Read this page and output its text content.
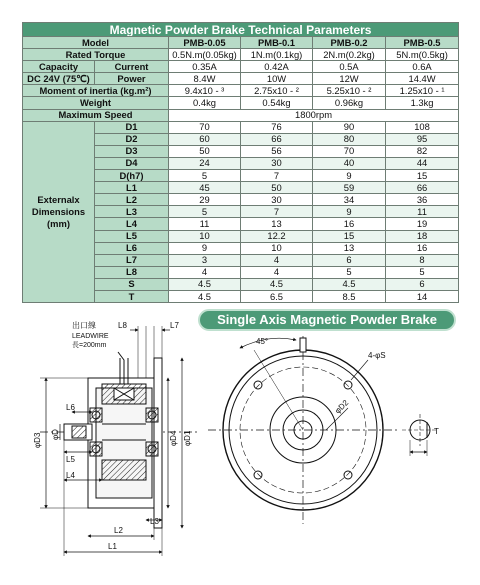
Magnetic Powder Brake Technical Parameters					
Model		PMB-0.05	PMB-0.1	PMB-0.2	PMB-0.5
Rated Torque		0.5N.m(0.05kg)	1N.m(0.1kg)	2N.m(0.2kg)	5N.m(0.5kg)
Capacity	Current	0.35A	0.42A	0.5A	0.6A
DC 24V (75℃)	Power	8.4W	10W	12W	14.4W
Moment of inertia (kg.m²)		9.4x10 - ³	2.75x10 - ²	5.25x10 - ²	1.25x10 - ¹
Weight		0.4kg	0.54kg	0.96kg	1.3kg
Maximum Speed		1800rpm			

Externalx
Dimensions
(mm)	D1	70	76	90	108
	D2	60	66	80	95
	D3	50	56	70	82
	D4	24	30	40	44
	D(h7)	5	7	9	15
	L1	45	50	59	66
	L2	29	30	34	36
	L3	5	7	9	11
	L4	11	13	16	19
	L5	10	12.2	15	18
	L6	9	10	13	16
	L7	3	4	6	8
	L8	4	4	5	5
	S	4.5	4.5	4.5	6
	T	4.5	6.5	8.5	14
Single Axis Magnetic Powder Brake
出口線
LEADWIRE
長=200mm
L8	L7
L6
L5
L4
L2
L1
L3
φD3 φD	φD4 φD1
45°
4-φS
φD2
T
